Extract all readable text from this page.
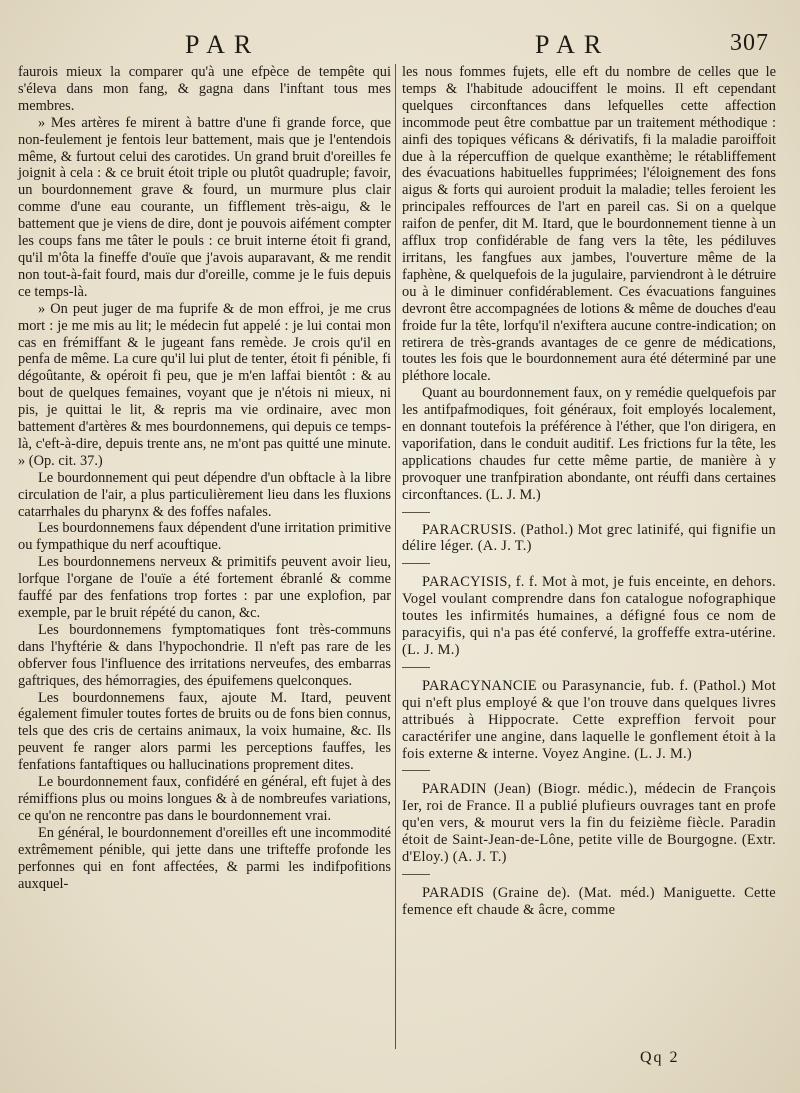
PAR	PAR	307

faurois mieux la comparer qu'à une efpèce de tempête qui s'éleva dans mon fang, & gagna dans l'inftant tous mes membres.

» Mes artères fe mirent à battre d'une fi grande force, que non-feulement je fentois leur battement, mais que je l'entendois même, & furtout celui des carotides. Un grand bruit d'oreilles fe joignit à cela : & ce bruit étoit triple ou plutôt quadruple; favoir, un bourdonnement grave & fourd, un murmure plus clair comme d'une eau courante, un fifflement très-aigu, & le battement que je viens de dire, dont je pouvois aifément compter les coups fans me tâter le pouls : ce bruit interne étoit fi grand, qu'il m'ôta la fineffe d'ouïe que j'avois auparavant, & me rendit non tout-à-fait fourd, mais dur d'oreille, comme je le fuis depuis ce temps-là.

» On peut juger de ma fuprife & de mon effroi, je me crus mort : je me mis au lit; le médecin fut appelé : je lui contai mon cas en frémiffant & le jugeant fans remède. Je crois qu'il en penfa de même. La cure qu'il lui plut de tenter, étoit fi pénible, fi dégoûtante, & opéroit fi peu, que je m'en laffai bientôt : & au bout de quelques femaines, voyant que je n'étois ni mieux, ni pis, je quittai le lit, & repris ma vie ordinaire, avec mon battement d'artères & mes bourdonnemens, qui depuis ce temps-là, c'eft-à-dire, depuis trente ans, ne m'ont pas quitté une minute. » (Op. cit. 37.)

Le bourdonnement qui peut dépendre d'un obftacle à la libre circulation de l'air, a plus particulièrement lieu dans les fluxions catarrhales du pharynx & des foffes nafales.

Les bourdonnemens faux dépendent d'une irritation primitive ou fympathique du nerf acouftique.

Les bourdonnemens nerveux & primitifs peuvent avoir lieu, lorfque l'organe de l'ouïe a été fortement ébranlé & comme fauffé par des fenfations trop fortes : par une explofion, par exemple, par le bruit répété du canon, &c.

Les bourdonnemens fymptomatiques font très-communs dans l'hyftérie & dans l'hypochondrie. Il n'eft pas rare de les obferver fous l'influence des irritations nerveufes, des embarras gaftriques, des hémorragies, des épuifemens quelconques.

Les bourdonnemens faux, ajoute M. Itard, peuvent également fimuler toutes fortes de bruits ou de fons bien connus, tels que des cris de certains animaux, la voix humaine, &c. Ils peuvent fe ranger alors parmi les perceptions fauffes, les fenfations fantaftiques ou hallucinations proprement dites.

Le bourdonnement faux, confidéré en général, eft fujet à des rémiffions plus ou moins longues & à de nombreufes variations, ce qu'on ne rencontre pas dans le bourdonnement vrai.

En général, le bourdonnement d'oreilles eft une incommodité extrêmement pénible, qui jette dans une trifteffe profonde les perfonnes qui en font affectées, & parmi les indifpofitions auxquel-

les nous fommes fujets, elle eft du nombre de celles que le temps & l'habitude adouciffent le moins. Il eft cependant quelques circonftances dans lefquelles cette affection incommode peut être combattue par un traitement méthodique : ainfi des topiques véficans & dérivatifs, fi la maladie paroiffoit due à la répercuffion de quelque exanthème; le rétabliffement des évacuations habituelles fupprimées; l'éloignement des fons aigus & forts qui auroient produit la maladie; telles feroient les principales reffources de l'art en pareil cas. Si on a quelque raifon de penfer, dit M. Itard, que le bourdonnement tienne à un afflux trop confidérable de fang vers la tête, les pédiluves irritans, les fangfues aux jambes, l'ouverture même de la faphène, & quelquefois de la jugulaire, parviendront à le détruire ou à le diminuer confidérablement. Ces évacuations fanguines devront être accompagnées de lotions & même de douches d'eau froide fur la tête, lorfqu'il n'exiftera aucune contre-indication; on retirera de très-grands avantages de ce genre de médications, toutes les fois que le bourdonnement aura été déterminé par une pléthore locale.

Quant au bourdonnement faux, on y remédie quelquefois par les antifpafmodiques, foit généraux, foit employés localement, en donnant toutefois la préférence à l'éther, que l'on dirigera, en vaporifation, dans le conduit auditif. Les frictions fur la tête, les applications chaudes fur cette même partie, de manière à y provoquer une tranfpiration abondante, ont réuffi dans certaines circonftances. (L. J. M.)

PARACRUSIS. (Pathol.) Mot grec latinifé, qui fignifie un délire léger. (A. J. T.)

PARACYISIS, f. f. Mot à mot, je fuis enceinte, en dehors. Vogel voulant comprendre dans fon catalogue nofographique toutes les infirmités humaines, a défigné fous ce nom de paracyifis, qui n'a pas été confervé, la groffeffe extra-utérine. (L. J. M.)

PARACYNANCIE ou Parasynancie, fub. f. (Pathol.) Mot qui n'eft plus employé & que l'on trouve dans quelques livres attribués à Hippocrate. Cette expreffion fervoit pour caractérifer une angine, dans laquelle le gonflement étoit à la fois externe & interne. Voyez Angine. (L. J. M.)

PARADIN (Jean) (Biogr. médic.), médecin de François Ier, roi de France. Il a publié plufieurs ouvrages tant en profe qu'en vers, & mourut vers la fin du feizième fiècle. Paradin étoit de Saint-Jean-de-Lône, petite ville de Bourgogne. (Extr. d'Eloy.) (A. J. T.)

PARADIS (Graine de). (Mat. méd.) Maniguette. Cette femence eft chaude & âcre, comme

Qq 2
